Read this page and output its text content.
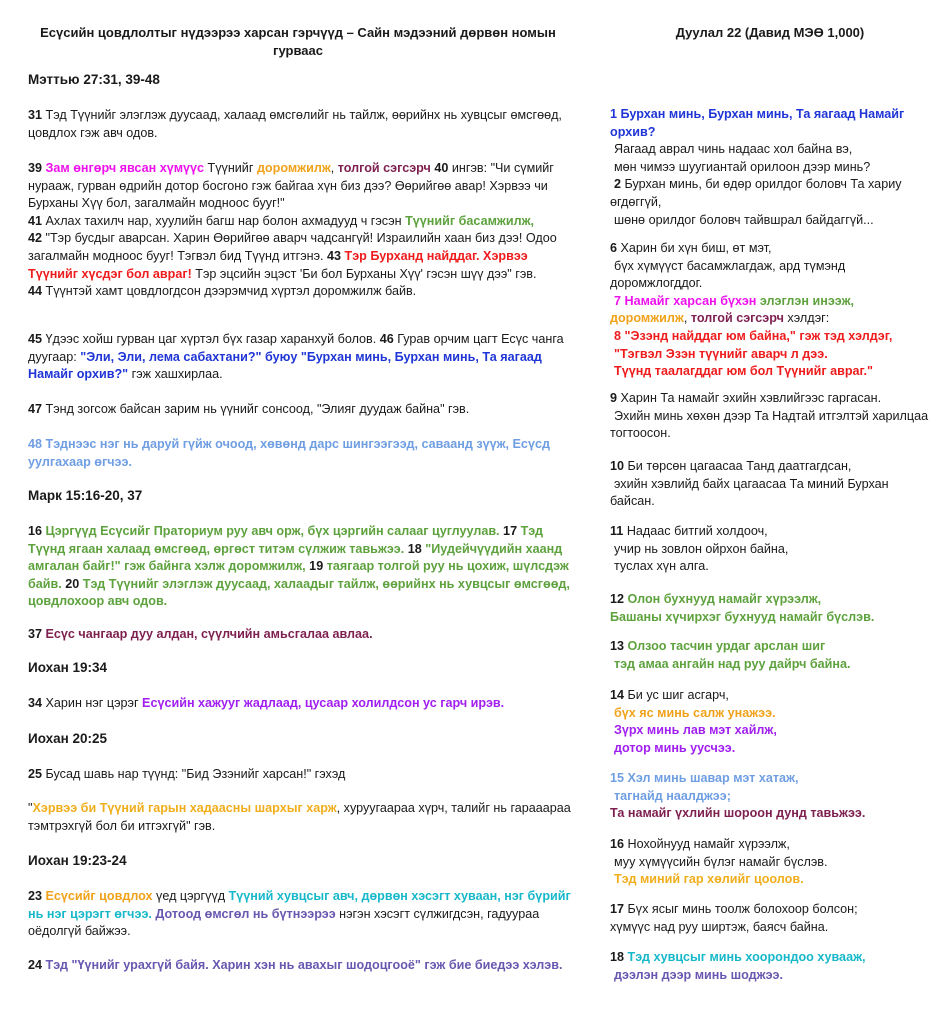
Есүсийн цовдлолтыг нүдээрээ харсан гэрчүүд – Сайн мэдээний дөрвөн номын гурваас
Мэттью 27:31, 39-48

31 Тэд Түүнийг элэглэж дуусаад, халаад өмсгөлийг нь тайлж, өөрийнх нь хувцсыг өмсгөөд, цовдлох гэж авч одов.

39 Зам өнгөрч явсан хүмүүс Түүнийг доромжилж, толгой сэгсэрч 40 ингэв: "Чи сүмийг нурааж, гурван өдрийн дотор босгоно гэж байгаа хүн биз дээ? Өөрийгөө авар! Хэрвээ чи Бурханы Хүү бол, загалмайн модноос бууг!"
41 Ахлах тахилч нар, хуулийн багш нар болон ахмадууд ч гэсэн Түүнийг басамжилж,
42 "Тэр бусдыг аварсан. Харин Өөрийгөө аварч чадсангүй! Израилийн хаан биз дээ! Одоо загалмайн модноос бууг! Тэгвэл бид Түүнд итгэнэ. 43 Тэр Бурханд найддаг. Хэрвээ Түүнийг хүсдэг бол авраг! Тэр эцсийн эцэст 'Би бол Бурханы Хүү' гэсэн шүү дээ" гэв.
44 Түүнтэй хамт цовдлогдсон дээрэмчид хүртэл доромжилж байв.

45 Үдээс хойш гурван цаг хүртэл бүх газар харанхуй болов. 46 Гурав орчим цагт Есүс чанга дуугаар: "Эли, Эли, лема сабахтани?" буюу "Бурхан минь, Бурхан минь, Та яагаад Намайг орхив?" гэж хашхирлаа.

47 Тэнд зогсож байсан зарим нь үүнийг сонсоод, "Элияг дуудаж байна" гэв.

48 Тэднээс нэг нь даруй гүйж очоод, хөвөнд дарс шингээгээд, саваанд зүүж, Есүсд уулгахаар өгчээ.

Марк 15:16-20, 37

16 Цэргүүд Есүсийг Праториум руу авч орж, бүх цэргийн салааг цуглуулав. 17 Тэд Түүнд ягаан халаад өмсгөөд, өргөст титэм сүлжиж тавьжээ. 18 "Иудейчүүдийн хаанд амгалан байг!" гэж байнга хэлж доромжилж, 19 таягаар толгой руу нь цохиж, шүлсдэж байв. 20 Тэд Түүнийг элэглэж дуусаад, халаадыг тайлж, өөрийнх нь хувцсыг өмсгөөд, цовдлохоор авч одов.

37 Есүс чангаар дуу алдан, сүүлчийн амьсгалаа авлаа.

Иохан 19:34

34 Харин нэг цэрэг Есүсийн хажууг жадлаад, цусаар холилдсон ус гарч ирэв.

Иохан 20:25

25 Бусад шавь нар түүнд: "Бид Эзэнийг харсан!" гэхэд

"Хэрвээ би Түүний гарын хадаасны шархыг харж, хуруугаараа хүрч, талийг нь гарааараа тэмтрэхгүй бол би итгэхгүй" гэв.

Иохан 19:23-24

23 Есүсийг цовдлох үед цэргүүд Түүний хувцсыг авч, дөрвөн хэсэгт хуваан, нэг бүрийг нь нэг цэрэгт өгчээ. Дотоод өмсгөл нь бүтнээрээ нэгэн хэсэгт сүлжигдсэн, гадуураа оёдолгүй байжээ.

24 Тэд "Үүнийг урахгүй байя. Харин хэн нь авахыг шодоцгооё" гэж бие биедээ хэлэв.

Дуулал 22 (Давид МЭӨ 1,000)

1 Бурхан минь, Бурхан минь, Та яагаад Намайг орхив?
Яагаад аврал чинь надаас хол байна вэ,
мөн чимээ шуугиантай орилоон дээр минь?
2 Бурхан минь, би өдөр орилдог боловч Та хариу өгдөггүй,
шөнө орилдог боловч тайвшрал байдаггүй...

6 Харин би хүн биш, өт мэт,
бүх хүмүүст басамжлагдаж, ард түмэнд доромжлогддог.
7 Намайг харсан бүхэн элэглэн инээж,
доромжилж, толгой сэгсэрч хэлдэг:
8 "Эзэнд найддаг юм байна," гэж тэд хэлдэг,
"Тэгвэл Эзэн түүнийг аварч л дээ.
Түүнд таалагддаг юм бол Түүнийг авраг."

9 Харин Та намайг эхийн хэвлийгээс гаргасан.
Эхийн минь хөхөн дээр Та Надтай итгэлтэй харилцаа тогтоосон.

10 Би төрсөн цагаасаа Танд даатгагдсан,
эхийн хэвлийд байх цагаасаа Та миний Бурхан байсан.

11 Надаас битгий холдооч,
учир нь зовлон ойрхон байна,
туслах хүн алга.

12 Олон бухнууд намайг хүрээлж,
Башаны хүчирхэг бухнууд намайг бүслэв.

13 Олзоо тасчин урдаг арслан шиг
тэд амаа ангайн над руу дайрч байна.

14 Би ус шиг асгарч,
бүх яс минь салж унажээ.
Зүрх минь лав мэт хайлж,
дотор минь уусчээ.

15 Хэл минь шавар мэт хатаж,
тагнайд наалджээ;
Та намайг үхлийн шороон дунд тавьжээ.

16 Нохойнууд намайг хүрээлж,
муу хүмүүсийн бүлэг намайг бүслэв.
Тэд миний гар хөлийг цоолов.

17 Бүх ясыг минь тоолж болохоор болсон;
хүмүүс над руу ширтэж, баясч байна.

18 Тэд хувцсыг минь хоорондоо хувааж,
дээлэн дээр минь шоджээ.
